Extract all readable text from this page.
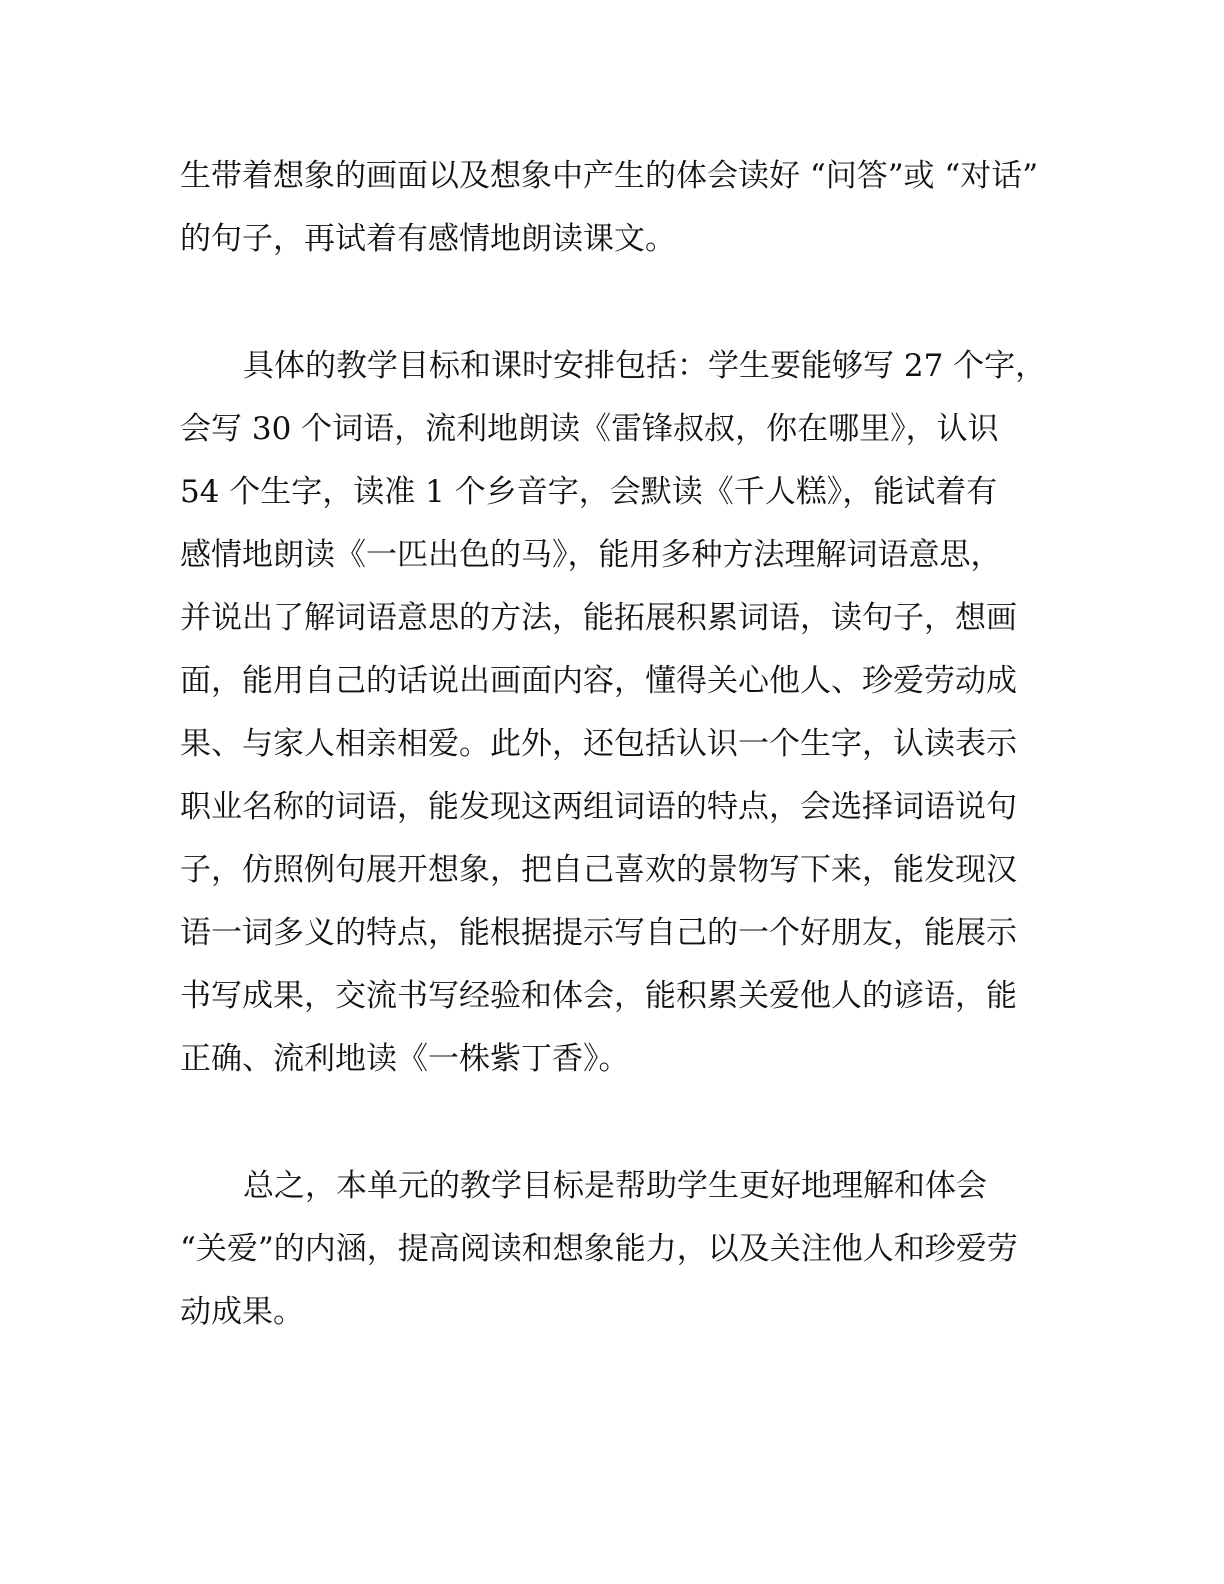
生带着想象的画面以及想象中产生的体会读好 “问答”或 “对话”

的句子，再试着有感情地朗读课文。

具体的教学目标和课时安排包括：学生要能够写 27 个字，

会写 30 个词语，流利地朗读《雷锋叔叔，你在哪里》，认识

54 个生字，读准 1 个乡音字，会默读《千人糕》，能试着有

感情地朗读《一匹出色的马》，能用多种方法理解词语意思，

并说出了解词语意思的方法，能拓展积累词语，读句子，想画

面，能用自己的话说出画面内容，懂得关心他人、珍爱劳动成

果、与家人相亲相爱。此外，还包括认识一个生字，认读表示

职业名称的词语，能发现这两组词语的特点，会选择词语说句

子，仿照例句展开想象，把自己喜欢的景物写下来，能发现汉

语一词多义的特点，能根据提示写自己的一个好朋友，能展示

书写成果，交流书写经验和体会，能积累关爱他人的谚语，能

正确、流利地读《一株紫丁香》。

总之，本单元的教学目标是帮助学生更好地理解和体会

“关爱”的内涵，提高阅读和想象能力，以及关注他人和珍爱劳

动成果。
